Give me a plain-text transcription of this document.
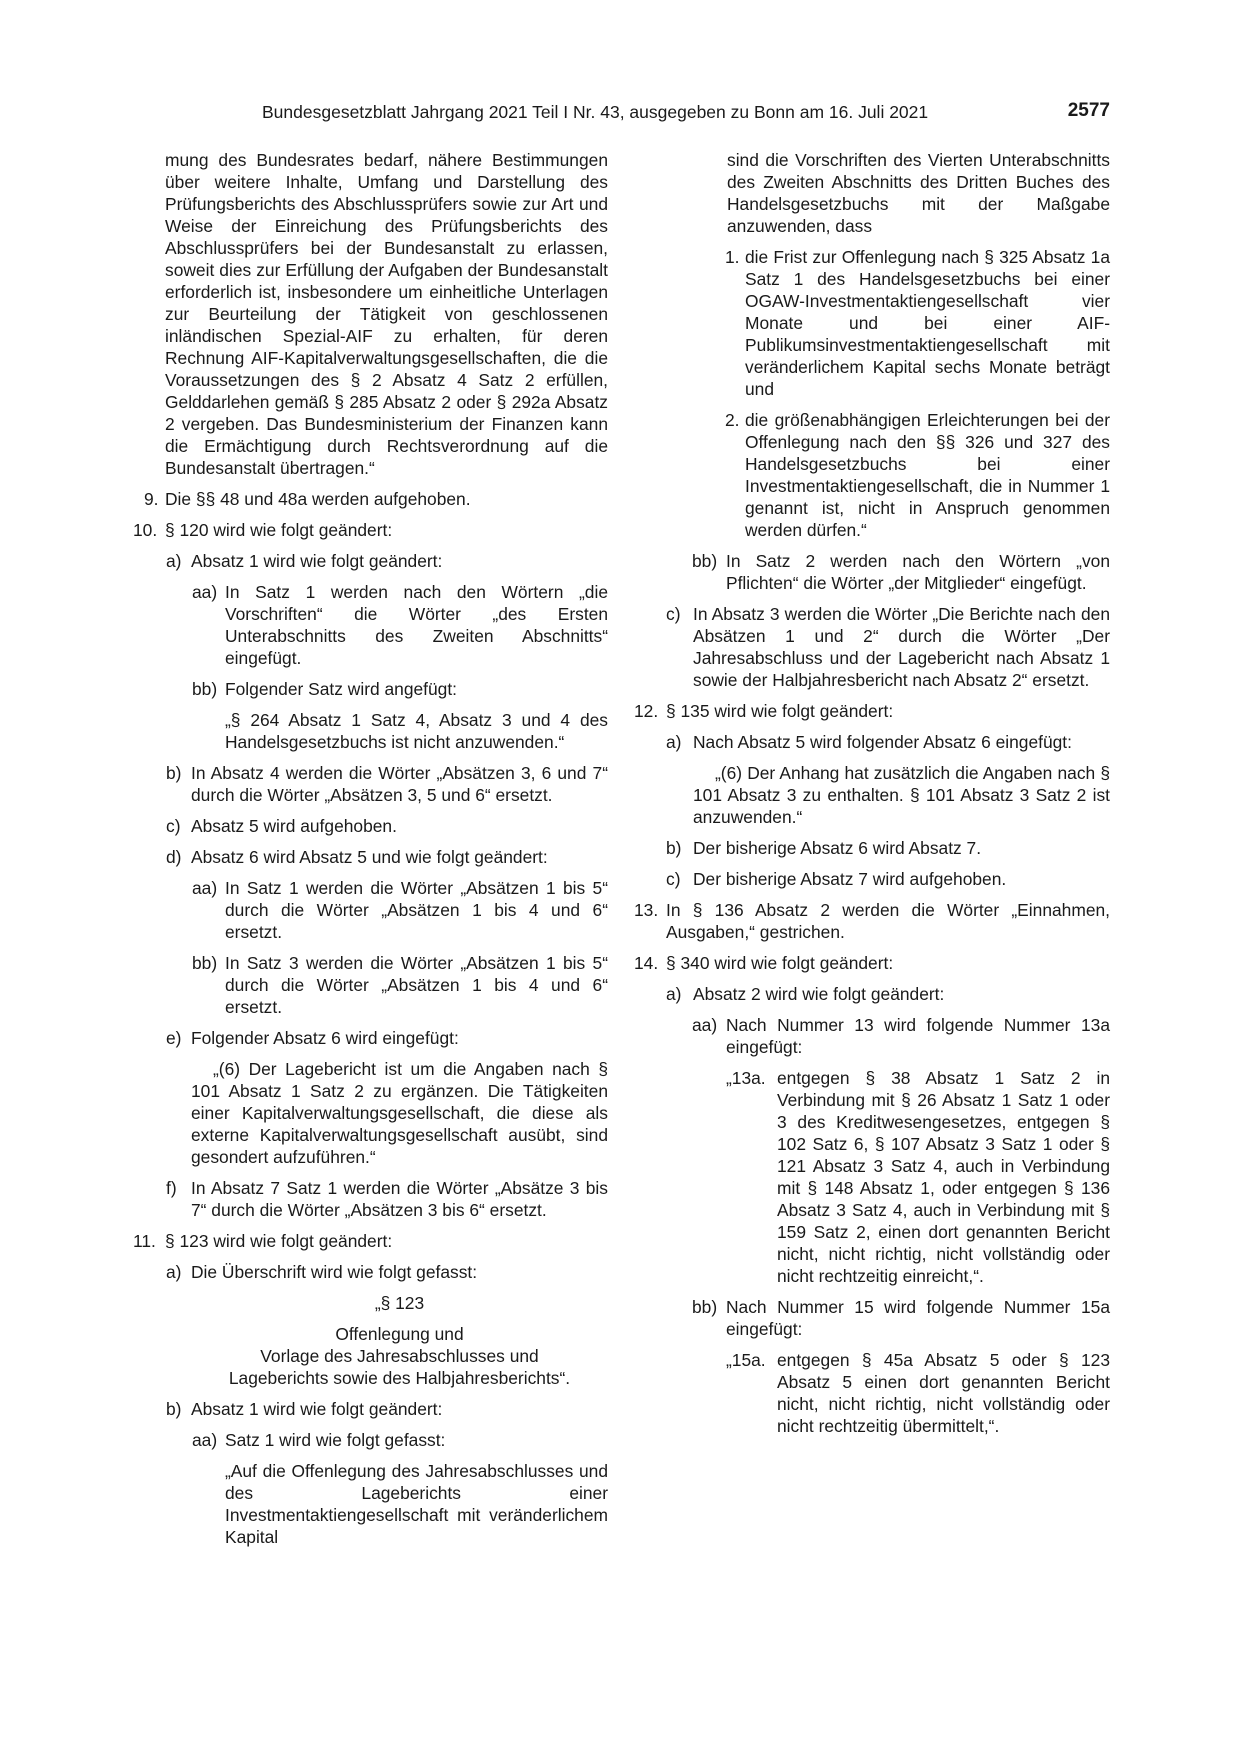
Bundesgesetzblatt Jahrgang 2021 Teil I Nr. 43, ausgegeben zu Bonn am 16. Juli 2021	2577

mung des Bundesrates bedarf, nähere Bestimmungen über weitere Inhalte, Umfang und Darstellung des Prüfungsberichts des Abschlussprüfers sowie zur Art und Weise der Einreichung des Prüfungsberichts des Abschlussprüfers bei der Bundesanstalt zu erlassen, soweit dies zur Erfüllung der Aufgaben der Bundesanstalt erforderlich ist, insbesondere um einheitliche Unterlagen zur Beurteilung der Tätigkeit von geschlossenen inländischen Spezial-AIF zu erhalten, für deren Rechnung AIF-Kapitalverwaltungsgesellschaften, die die Voraussetzungen des § 2 Absatz 4 Satz 2 erfüllen, Gelddarlehen gemäß § 285 Absatz 2 oder § 292a Absatz 2 vergeben. Das Bundesministerium der Finanzen kann die Ermächtigung durch Rechtsverordnung auf die Bundesanstalt übertragen.“

9. Die §§ 48 und 48a werden aufgehoben.

10. § 120 wird wie folgt geändert:

a) Absatz 1 wird wie folgt geändert:

aa) In Satz 1 werden nach den Wörtern „die Vorschriften“ die Wörter „des Ersten Unterabschnitts des Zweiten Abschnitts“ eingefügt.

bb) Folgender Satz wird angefügt:

„§ 264 Absatz 1 Satz 4, Absatz 3 und 4 des Handelsgesetzbuchs ist nicht anzuwenden.“

b) In Absatz 4 werden die Wörter „Absätzen 3, 6 und 7“ durch die Wörter „Absätzen 3, 5 und 6“ ersetzt.

c) Absatz 5 wird aufgehoben.

d) Absatz 6 wird Absatz 5 und wie folgt geändert:

aa) In Satz 1 werden die Wörter „Absätzen 1 bis 5“ durch die Wörter „Absätzen 1 bis 4 und 6“ ersetzt.

bb) In Satz 3 werden die Wörter „Absätzen 1 bis 5“ durch die Wörter „Absätzen 1 bis 4 und 6“ ersetzt.

e) Folgender Absatz 6 wird eingefügt:

„(6) Der Lagebericht ist um die Angaben nach § 101 Absatz 1 Satz 2 zu ergänzen. Die Tätigkeiten einer Kapitalverwaltungsgesellschaft, die diese als externe Kapitalverwaltungsgesellschaft ausübt, sind gesondert aufzuführen.“

f) In Absatz 7 Satz 1 werden die Wörter „Absätze 3 bis 7“ durch die Wörter „Absätzen 3 bis 6“ ersetzt.

11. § 123 wird wie folgt geändert:

a) Die Überschrift wird wie folgt gefasst:

„§ 123

Offenlegung und

Vorlage des Jahresabschlusses und

Lageberichts sowie des Halbjahresberichts“.

b) Absatz 1 wird wie folgt geändert:

aa) Satz 1 wird wie folgt gefasst:

„Auf die Offenlegung des Jahresabschlusses und des Lageberichts einer Investmentaktiengesellschaft mit veränderlichem Kapital

sind die Vorschriften des Vierten Unterabschnitts des Zweiten Abschnitts des Dritten Buches des Handelsgesetzbuchs mit der Maßgabe anzuwenden, dass

1. die Frist zur Offenlegung nach § 325 Absatz 1a Satz 1 des Handelsgesetzbuchs bei einer OGAW-Investmentaktiengesellschaft vier Monate und bei einer AIF-Publikumsinvestmentaktiengesellschaft mit veränderlichem Kapital sechs Monate beträgt und

2. die größenabhängigen Erleichterungen bei der Offenlegung nach den §§ 326 und 327 des Handelsgesetzbuchs bei einer Investmentaktiengesellschaft, die in Nummer 1 genannt ist, nicht in Anspruch genommen werden dürfen.“

bb) In Satz 2 werden nach den Wörtern „von Pflichten“ die Wörter „der Mitglieder“ eingefügt.

c) In Absatz 3 werden die Wörter „Die Berichte nach den Absätzen 1 und 2“ durch die Wörter „Der Jahresabschluss und der Lagebericht nach Absatz 1 sowie der Halbjahresbericht nach Absatz 2“ ersetzt.

12. § 135 wird wie folgt geändert:

a) Nach Absatz 5 wird folgender Absatz 6 eingefügt:

„(6) Der Anhang hat zusätzlich die Angaben nach § 101 Absatz 3 zu enthalten. § 101 Absatz 3 Satz 2 ist anzuwenden.“

b) Der bisherige Absatz 6 wird Absatz 7.

c) Der bisherige Absatz 7 wird aufgehoben.

13. In § 136 Absatz 2 werden die Wörter „Einnahmen, Ausgaben,“ gestrichen.

14. § 340 wird wie folgt geändert:

a) Absatz 2 wird wie folgt geändert:

aa) Nach Nummer 13 wird folgende Nummer 13a eingefügt:

„13a. entgegen § 38 Absatz 1 Satz 2 in Verbindung mit § 26 Absatz 1 Satz 1 oder 3 des Kreditwesengesetzes, entgegen § 102 Satz 6, § 107 Absatz 3 Satz 1 oder § 121 Absatz 3 Satz 4, auch in Verbindung mit § 148 Absatz 1, oder entgegen § 136 Absatz 3 Satz 4, auch in Verbindung mit § 159 Satz 2, einen dort genannten Bericht nicht, nicht richtig, nicht vollständig oder nicht rechtzeitig einreicht,“.

bb) Nach Nummer 15 wird folgende Nummer 15a eingefügt:

„15a. entgegen § 45a Absatz 5 oder § 123 Absatz 5 einen dort genannten Bericht nicht, nicht richtig, nicht vollständig oder nicht rechtzeitig übermittelt,“.
